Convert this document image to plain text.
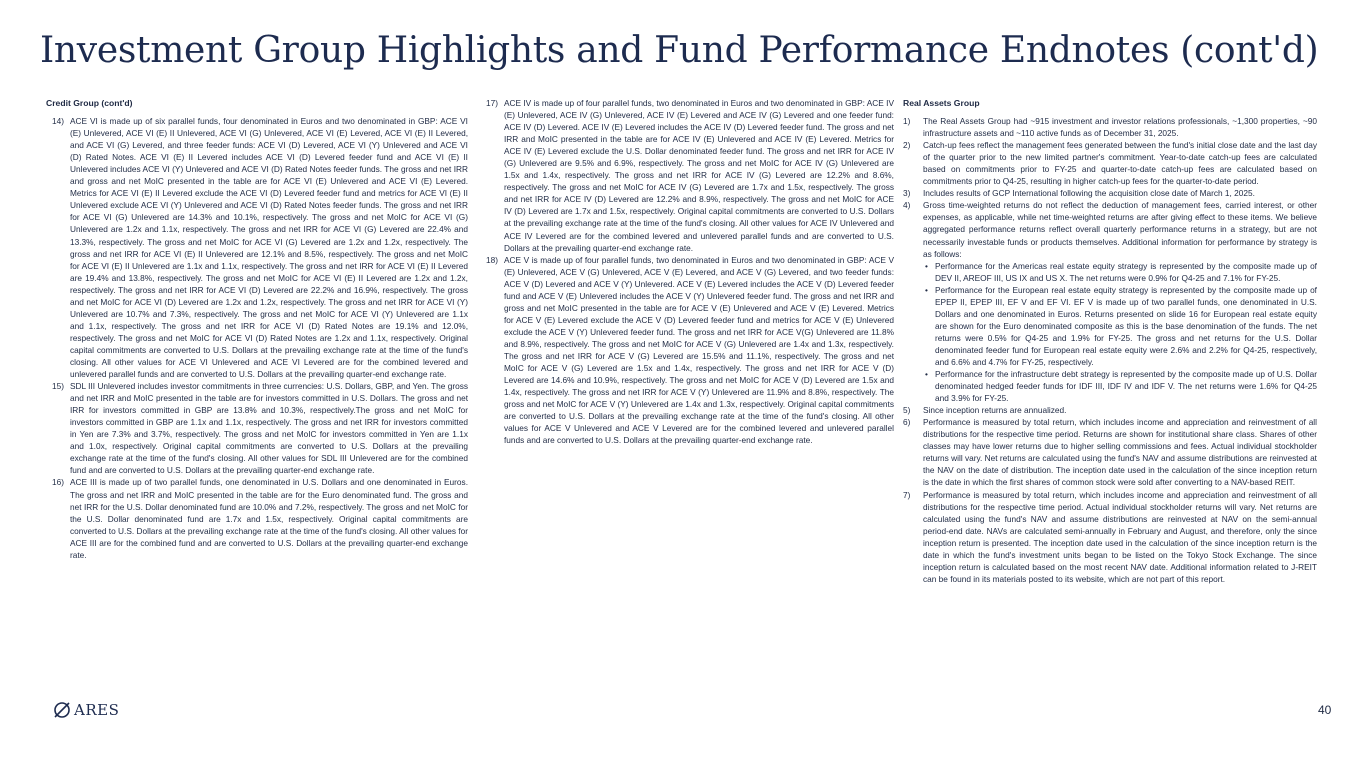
Investment Group Highlights and Fund Performance Endnotes (cont'd)

Credit Group (cont'd)

14) ACE VI is made up of six parallel funds, four denominated in Euros and two denominated in GBP: ACE VI (E) Unlevered, ACE VI (E) II Unlevered, ACE VI (G) Unlevered, ACE VI (E) Levered, ACE VI (E) II Levered, and ACE VI (G) Levered, and three feeder funds: ACE VI (D) Levered, ACE VI (Y) Unlevered and ACE VI (D) Rated Notes. ACE VI (E) II Levered includes ACE VI (D) Levered feeder fund and ACE VI (E) II Unlevered includes ACE VI (Y) Unlevered and ACE VI (D) Rated Notes feeder funds. The gross and net IRR and gross and net MoIC presented in the table are for ACE VI (E) Unlevered and ACE VI (E) Levered. Metrics for ACE VI (E) II Levered exclude the ACE VI (D) Levered feeder fund and metrics for ACE VI (E) II Unlevered exclude ACE VI (Y) Unlevered and ACE VI (D) Rated Notes feeder funds. The gross and net IRR for ACE VI (G) Unlevered are 14.3% and 10.1%, respectively. The gross and net MoIC for ACE VI (G) Unlevered are 1.2x and 1.1x, respectively. The gross and net IRR for ACE VI (G) Levered are 22.4% and 13.3%, respectively. The gross and net MoIC for ACE VI (G) Levered are 1.2x and 1.2x, respectively. The gross and net IRR for ACE VI (E) II Unlevered are 12.1% and 8.5%, respectively. The gross and net MoIC for ACE VI (E) II Unlevered are 1.1x and 1.1x, respectively. The gross and net IRR for ACE VI (E) II Levered are 19.4% and 13.8%, respectively. The gross and net MoIC for ACE VI (E) II Levered are 1.2x and 1.2x, respectively. The gross and net IRR for ACE VI (D) Levered are 22.2% and 16.9%, respectively. The gross and net MoIC for ACE VI (D) Levered are 1.2x and 1.2x, respectively. The gross and net IRR for ACE VI (Y) Unlevered are 10.7% and 7.3%, respectively. The gross and net MoIC for ACE VI (Y) Unlevered are 1.1x and 1.1x, respectively. The gross and net IRR for ACE VI (D) Rated Notes are 19.1% and 12.0%, respectively. The gross and net MoIC for ACE VI (D) Rated Notes are 1.2x and 1.1x, respectively. Original capital commitments are converted to U.S. Dollars at the prevailing exchange rate at the time of the fund's closing. All other values for ACE VI Unlevered and ACE VI Levered are for the combined levered and unlevered parallel funds and are converted to U.S. Dollars at the prevailing quarter-end exchange rate.
15) SDL III Unlevered includes investor commitments in three currencies: U.S. Dollars, GBP, and Yen. The gross and net IRR and MoIC presented in the table are for investors committed in U.S. Dollars. The gross and net IRR for investors committed in GBP are 13.8% and 10.3%, respectively.The gross and net MoIC for investors committed in GBP are 1.1x and 1.1x, respectively. The gross and net IRR for investors committed in Yen are 7.3% and 3.7%, respectively. The gross and net MoIC for investors committed in Yen are 1.1x and 1.0x, respectively. Original capital commitments are converted to U.S. Dollars at the prevailing exchange rate at the time of the fund's closing. All other values for SDL III Unlevered are for the combined fund and are converted to U.S. Dollars at the prevailing quarter-end exchange rate.
16) ACE III is made up of two parallel funds, one denominated in U.S. Dollars and one denominated in Euros. The gross and net IRR and MoIC presented in the table are for the Euro denominated fund. The gross and net IRR for the U.S. Dollar denominated fund are 10.0% and 7.2%, respectively. The gross and net MoIC for the U.S. Dollar denominated fund are 1.7x and 1.5x, respectively. Original capital commitments are converted to U.S. Dollars at the prevailing exchange rate at the time of the fund's closing. All other values for ACE III are for the combined fund and are converted to U.S. Dollars at the prevailing quarter-end exchange rate.
17) ACE IV is made up of four parallel funds, two denominated in Euros and two denominated in GBP: ACE IV (E) Unlevered, ACE IV (G) Unlevered, ACE IV (E) Levered and ACE IV (G) Levered and one feeder fund: ACE IV (D) Levered. ACE IV (E) Levered includes the ACE IV (D) Levered feeder fund. The gross and net IRR and MoIC presented in the table are for ACE IV (E) Unlevered and ACE IV (E) Levered. Metrics for ACE IV (E) Levered exclude the U.S. Dollar denominated feeder fund. The gross and net IRR for ACE IV (G) Unlevered are 9.5% and 6.9%, respectively. The gross and net MoIC for ACE IV (G) Unlevered are 1.5x and 1.4x, respectively. The gross and net IRR for ACE IV (G) Levered are 12.2% and 8.6%, respectively. The gross and net MoIC for ACE IV (G) Levered are 1.7x and 1.5x, respectively. The gross and net IRR for ACE IV (D) Levered are 12.2% and 8.9%, respectively. The gross and net MoIC for ACE IV (D) Levered are 1.7x and 1.5x, respectively. Original capital commitments are converted to U.S. Dollars at the prevailing exchange rate at the time of the fund's closing. All other values for ACE IV Unlevered and ACE IV Levered are for the combined levered and unlevered parallel funds and are converted to U.S. Dollars at the prevailing quarter-end exchange rate.
18) ACE V is made up of four parallel funds, two denominated in Euros and two denominated in GBP: ACE V (E) Unlevered, ACE V (G) Unlevered, ACE V (E) Levered, and ACE V (G) Levered, and two feeder funds: ACE V (D) Levered and ACE V (Y) Unlevered. ACE V (E) Levered includes the ACE V (D) Levered feeder fund and ACE V (E) Unlevered includes the ACE V (Y) Unlevered feeder fund. The gross and net IRR and gross and net MoIC presented in the table are for ACE V (E) Unlevered and ACE V (E) Levered. Metrics for ACE V (E) Levered exclude the ACE V (D) Levered feeder fund and metrics for ACE V (E) Unlevered exclude the ACE V (Y) Unlevered feeder fund. The gross and net IRR for ACE V(G) Unlevered are 11.8% and 8.9%, respectively. The gross and net MoIC for ACE V (G) Unlevered are 1.4x and 1.3x, respectively. The gross and net IRR for ACE V (G) Levered are 15.5% and 11.1%, respectively. The gross and net MoIC for ACE V (G) Levered are 1.5x and 1.4x, respectively. The gross and net IRR for ACE V (D) Levered are 14.6% and 10.9%, respectively. The gross and net MoIC for ACE V (D) Levered are 1.5x and 1.4x, respectively. The gross and net IRR for ACE V (Y) Unlevered are 11.9% and 8.8%, respectively. The gross and net MoIC for ACE V (Y) Unlevered are 1.4x and 1.3x, respectively. Original capital commitments are converted to U.S. Dollars at the prevailing exchange rate at the time of the fund's closing. All other values for ACE V Unlevered and ACE V Levered are for the combined levered and unlevered parallel funds and are converted to U.S. Dollars at the prevailing quarter-end exchange rate.

Real Assets Group

1)	The Real Assets Group had ~915 investment and investor relations professionals, ~1,300 properties, ~90 infrastructure assets and ~110 active funds as of December 31, 2025.
2)	Catch-up fees reflect the management fees generated between the fund's initial close date and the last day of the quarter prior to the new limited partner's commitment. Year-to-date catch-up fees are calculated based on commitments prior to FY-25 and quarter-to-date catch-up fees are calculated based on commitments prior to Q4-25, resulting in higher catch-up fees for the quarter-to-date period.
3)	Includes results of GCP International following the acquisition close date of March 1, 2025.
4)	Gross time-weighted returns do not reflect the deduction of management fees, carried interest, or other expenses, as applicable, while net time-weighted returns are after giving effect to these items. We believe aggregated performance returns reflect overall quarterly performance returns in a strategy, but are not necessarily investable funds or products themselves. Additional information for performance by strategy is as follows:
• Performance for the Americas real estate equity strategy is represented by the composite made up of DEV II, AREOF III, US IX and US X. The net returns were 0.9% for Q4-25 and 7.1% for FY-25.
• Performance for the European real estate equity strategy is represented by the composite made up of EPEP II, EPEP III, EF V and EF VI. EF V is made up of two parallel funds, one denominated in U.S. Dollars and one denominated in Euros. Returns presented on slide 16 for European real estate equity are shown for the Euro denominated composite as this is the base denomination of the funds. The net returns were 0.5% for Q4-25 and 1.9% for FY-25. The gross and net returns for the U.S. Dollar denominated feeder fund for European real estate equity were 2.6% and 2.2% for Q4-25, respectively, and 6.6% and 4.7% for FY-25, respectively.
• Performance for the infrastructure debt strategy is represented by the composite made up of U.S. Dollar denominated hedged feeder funds for IDF III, IDF IV and IDF V. The net returns were 1.6% for Q4-25 and 3.9% for FY-25.
5)	Since inception returns are annualized.
6)	Performance is measured by total return, which includes income and appreciation and reinvestment of all distributions for the respective time period. Returns are shown for institutional share class. Shares of other classes may have lower returns due to higher selling commissions and fees. Actual individual stockholder returns will vary. Net returns are calculated using the fund's NAV and assume distributions are reinvested at the NAV on the date of distribution. The inception date used in the calculation of the since inception return is the date in which the first shares of common stock were sold after converting to a NAV-based REIT.
7)	Performance is measured by total return, which includes income and appreciation and reinvestment of all distributions for the respective time period. Actual individual stockholder returns will vary. Net returns are calculated using the fund's NAV and assume distributions are reinvested at NAV on the semi-annual period-end date. NAVs are calculated semi-annually in February and August, and therefore, only the since inception return is presented. The inception date used in the calculation of the since inception return is the date in which the fund's investment units began to be listed on the Tokyo Stock Exchange. The since inception return is calculated based on the most recent NAV date. Additional information related to J-REIT can be found in its materials posted to its website, which are not part of this report.
ARES	40
